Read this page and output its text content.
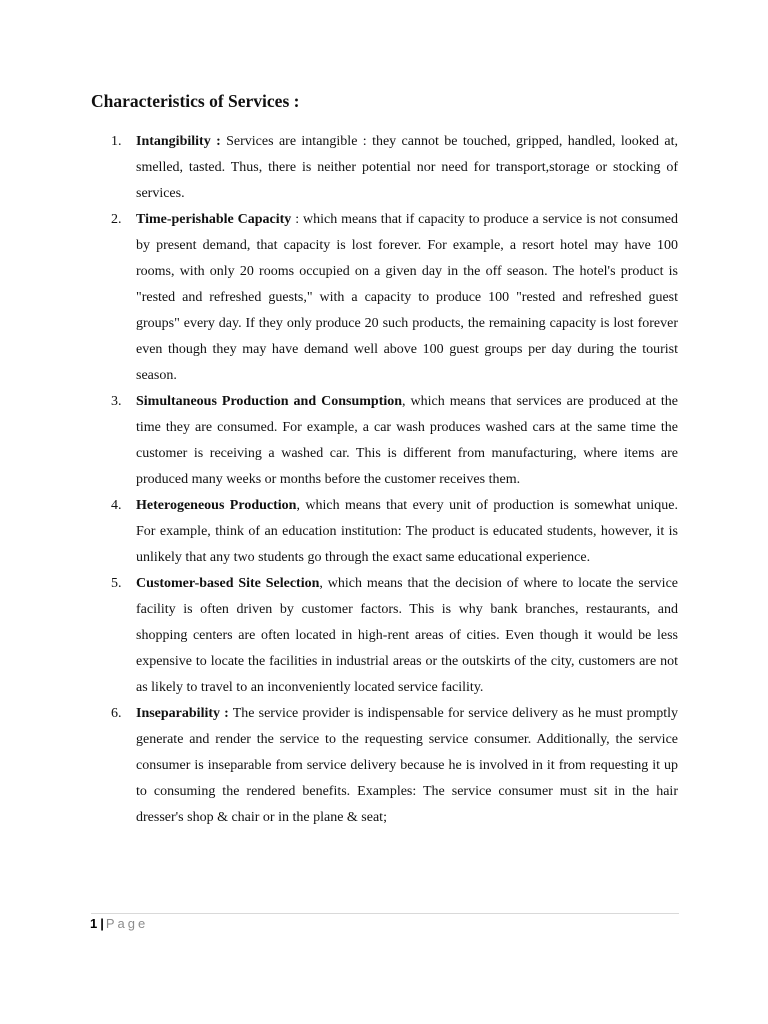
Characteristics of Services :
1. Intangibility : Services are intangible : they cannot be touched, gripped, handled, looked at, smelled, tasted. Thus, there is neither potential nor need for transport,storage or stocking of services.
2. Time-perishable Capacity : which means that if capacity to produce a service is not consumed by present demand, that capacity is lost forever. For example, a resort hotel may have 100 rooms, with only 20 rooms occupied on a given day in the off season. The hotel's product is "rested and refreshed guests," with a capacity to produce 100 "rested and refreshed guest groups" every day. If they only produce 20 such products, the remaining capacity is lost forever even though they may have demand well above 100 guest groups per day during the tourist season.
3. Simultaneous Production and Consumption, which means that services are produced at the time they are consumed. For example, a car wash produces washed cars at the same time the customer is receiving a washed car. This is different from manufacturing, where items are produced many weeks or months before the customer receives them.
4. Heterogeneous Production, which means that every unit of production is somewhat unique. For example, think of an education institution: The product is educated students, however, it is unlikely that any two students go through the exact same educational experience.
5. Customer-based Site Selection, which means that the decision of where to locate the service facility is often driven by customer factors. This is why bank branches, restaurants, and shopping centers are often located in high-rent areas of cities. Even though it would be less expensive to locate the facilities in industrial areas or the outskirts of the city, customers are not as likely to travel to an inconveniently located service facility.
6. Inseparability : The service provider is indispensable for service delivery as he must promptly generate and render the service to the requesting service consumer. Additionally, the service consumer is inseparable from service delivery because he is involved in it from requesting it up to consuming the rendered benefits. Examples: The service consumer must sit in the hair dresser's shop & chair or in the plane & seat;
1 | Page
